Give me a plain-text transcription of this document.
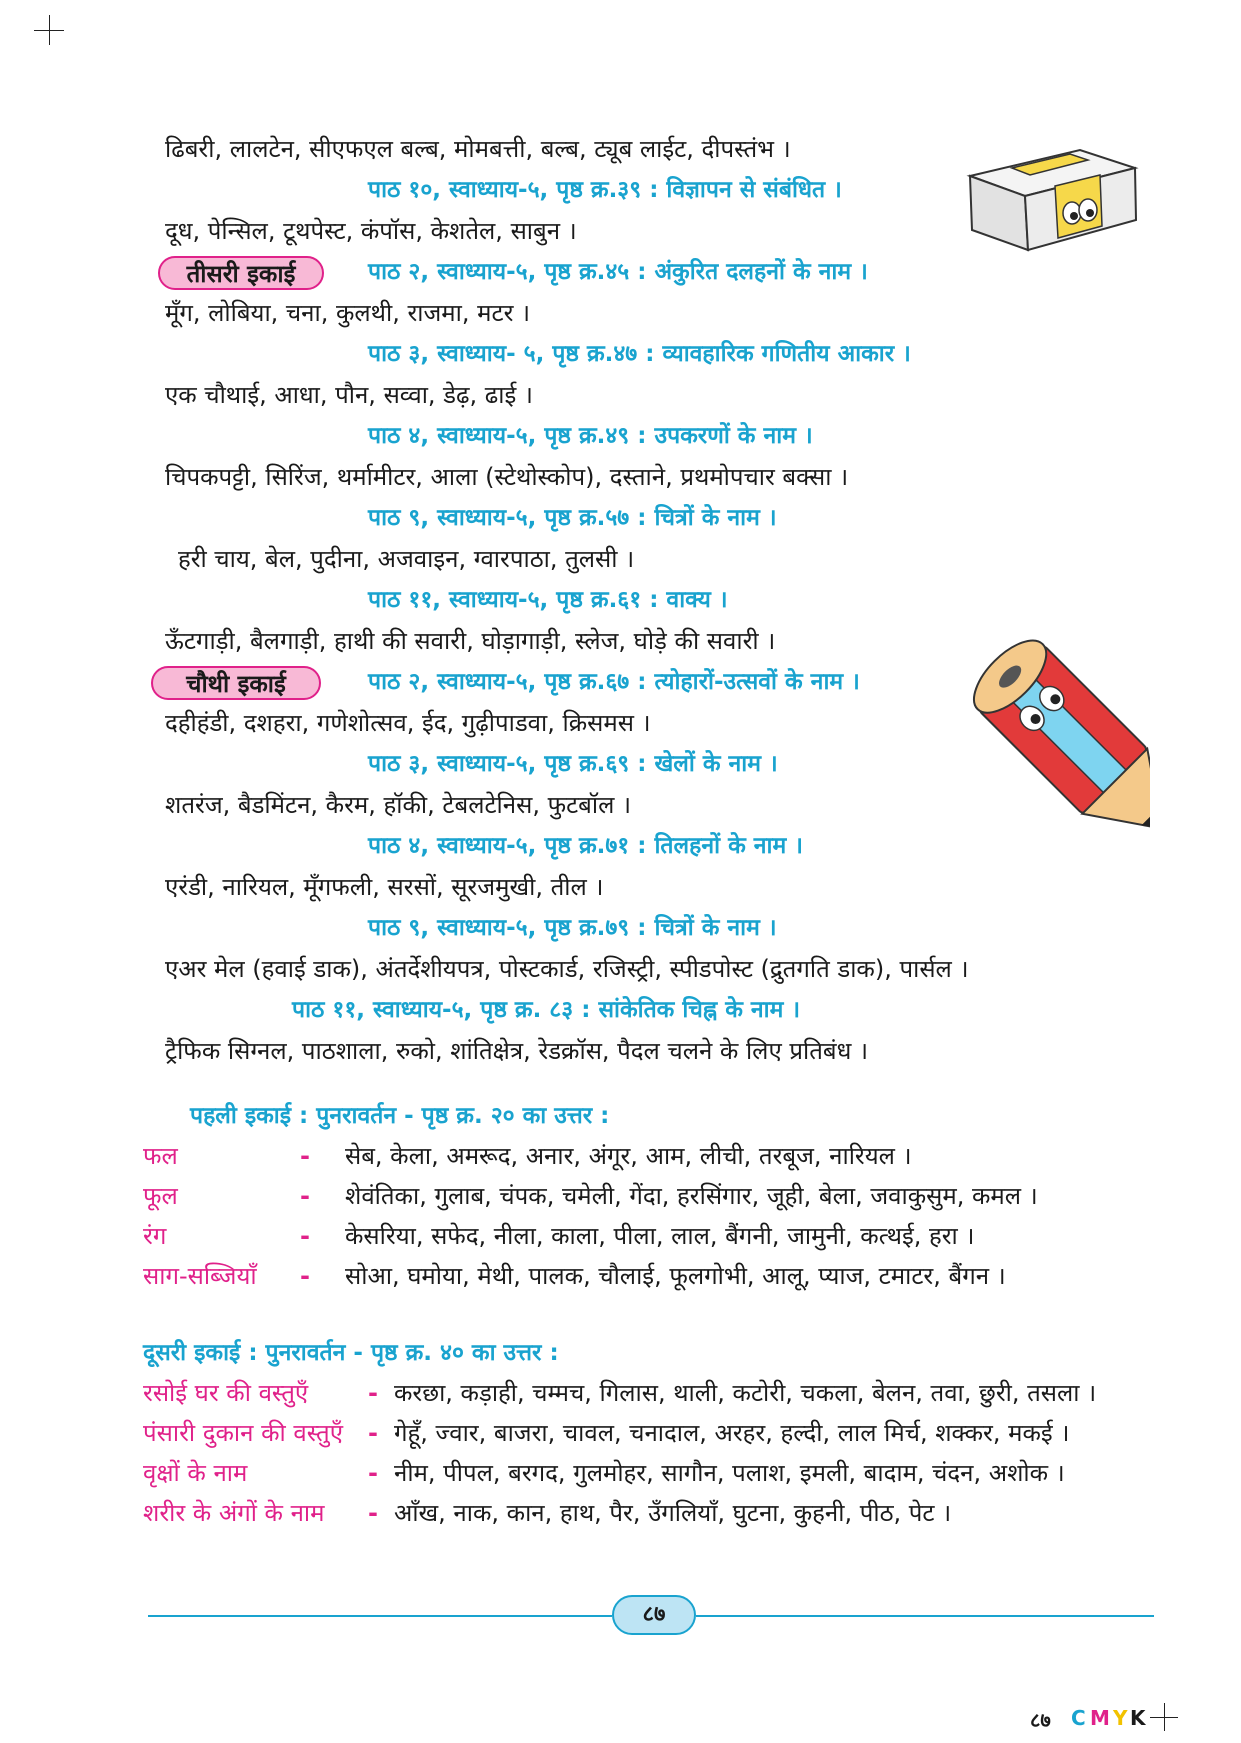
ढिबरी, लालटेन, सीएफएल बल्ब, मोमबत्ती, बल्ब, ट्यूब लाईट, दीपस्तंभ ।
पाठ १०, स्वाध्याय-५, पृष्ठ क्र.३९ : विज्ञापन से संबंधित ।
दूध, पेन्सिल, टूथपेस्ट, कंपॉस, केशतेल, साबुन ।
तीसरी इकाई	पाठ २, स्वाध्याय-५, पृष्ठ क्र.४५ : अंकुरित दलहनों के नाम ।
मूँग, लोबिया, चना, कुलथी, राजमा, मटर ।
पाठ ३, स्वाध्याय- ५, पृष्ठ क्र.४७ : व्यावहारिक गणितीय आकार ।
एक चौथाई, आधा, पौन, सव्वा, डेढ़, ढाई ।
पाठ ४, स्वाध्याय-५, पृष्ठ क्र.४९ : उपकरणों के नाम ।
चिपकपट्टी, सिरिंज, थर्मामीटर, आला (स्टेथोस्कोप), दस्ताने, प्रथमोपचार बक्सा ।
पाठ ९, स्वाध्याय-५, पृष्ठ क्र.५७ : चित्रों के नाम ।
हरी चाय, बेल, पुदीना, अजवाइन, ग्वारपाठा, तुलसी ।
पाठ ११, स्वाध्याय-५, पृष्ठ क्र.६१ : वाक्य ।
ऊँटगाड़ी, बैलगाड़ी, हाथी की सवारी, घोड़ागाड़ी, स्लेज, घोड़े की सवारी ।
चौथी इकाई	पाठ २, स्वाध्याय-५, पृष्ठ क्र.६७ : त्योहारों-उत्सवों के नाम ।
दहीहंडी, दशहरा, गणेशोत्सव, ईद, गुढ़ीपाडवा, क्रिसमस ।
पाठ ३, स्वाध्याय-५, पृष्ठ क्र.६९ : खेलों के नाम ।
शतरंज, बैडमिंटन, कैरम, हॉकी, टेबलटेनिस, फुटबॉल ।
पाठ ४, स्वाध्याय-५, पृष्ठ क्र.७१ : तिलहनों के नाम ।
एरंडी, नारियल, मूँगफली, सरसों, सूरजमुखी, तील ।
पाठ ९, स्वाध्याय-५, पृष्ठ क्र.७९ : चित्रों के नाम ।
एअर मेल (हवाई डाक), अंतर्देशीयपत्र, पोस्टकार्ड, रजिस्ट्री, स्पीडपोस्ट (द्रुतगति डाक), पार्सल ।
पाठ ११, स्वाध्याय-५, पृष्ठ क्र. ८३ : सांकेतिक चिह्न के नाम ।
ट्रैफिक सिग्नल, पाठशाला, रुको, शांतिक्षेत्र, रेडक्रॉस, पैदल चलने के लिए प्रतिबंध ।
पहली इकाई : पुनरावर्तन - पृष्ठ क्र. २० का उत्तर :
फल	- सेब, केला, अमरूद, अनार, अंगूर, आम, लीची, तरबूज, नारियल ।
फूल	- शेवंतिका, गुलाब, चंपक, चमेली, गेंदा, हरसिंगार, जूही, बेला, जवाकुसुम, कमल ।
रंग	- केसरिया, सफेद, नीला, काला, पीला, लाल, बैंगनी, जामुनी, कत्थई, हरा ।
साग-सब्जियाँ - सोआ, घमोया, मेथी, पालक, चौलाई, फूलगोभी, आलू, प्याज, टमाटर, बैंगन ।
दूसरी इकाई : पुनरावर्तन - पृष्ठ क्र. ४० का उत्तर :
रसोई घर की वस्तुएँ - करछा, कड़ाही, चम्मच, गिलास, थाली, कटोरी, चकला, बेलन, तवा, छुरी, तसला ।
पंसारी दुकान की वस्तुएँ - गेहूँ, ज्वार, बाजरा, चावल, चनादाल, अरहर, हल्दी, लाल मिर्च, शक्कर, मकई ।
वृक्षों के नाम	- नीम, पीपल, बरगद, गुलमोहर, सागौन, पलाश, इमली, बादाम, चंदन, अशोक ।
शरीर के अंगों के नाम - आँख, नाक, कान, हाथ, पैर, उँगलियाँ, घुटना, कुहनी, पीठ, पेट ।
८७
८७ C M Y K
